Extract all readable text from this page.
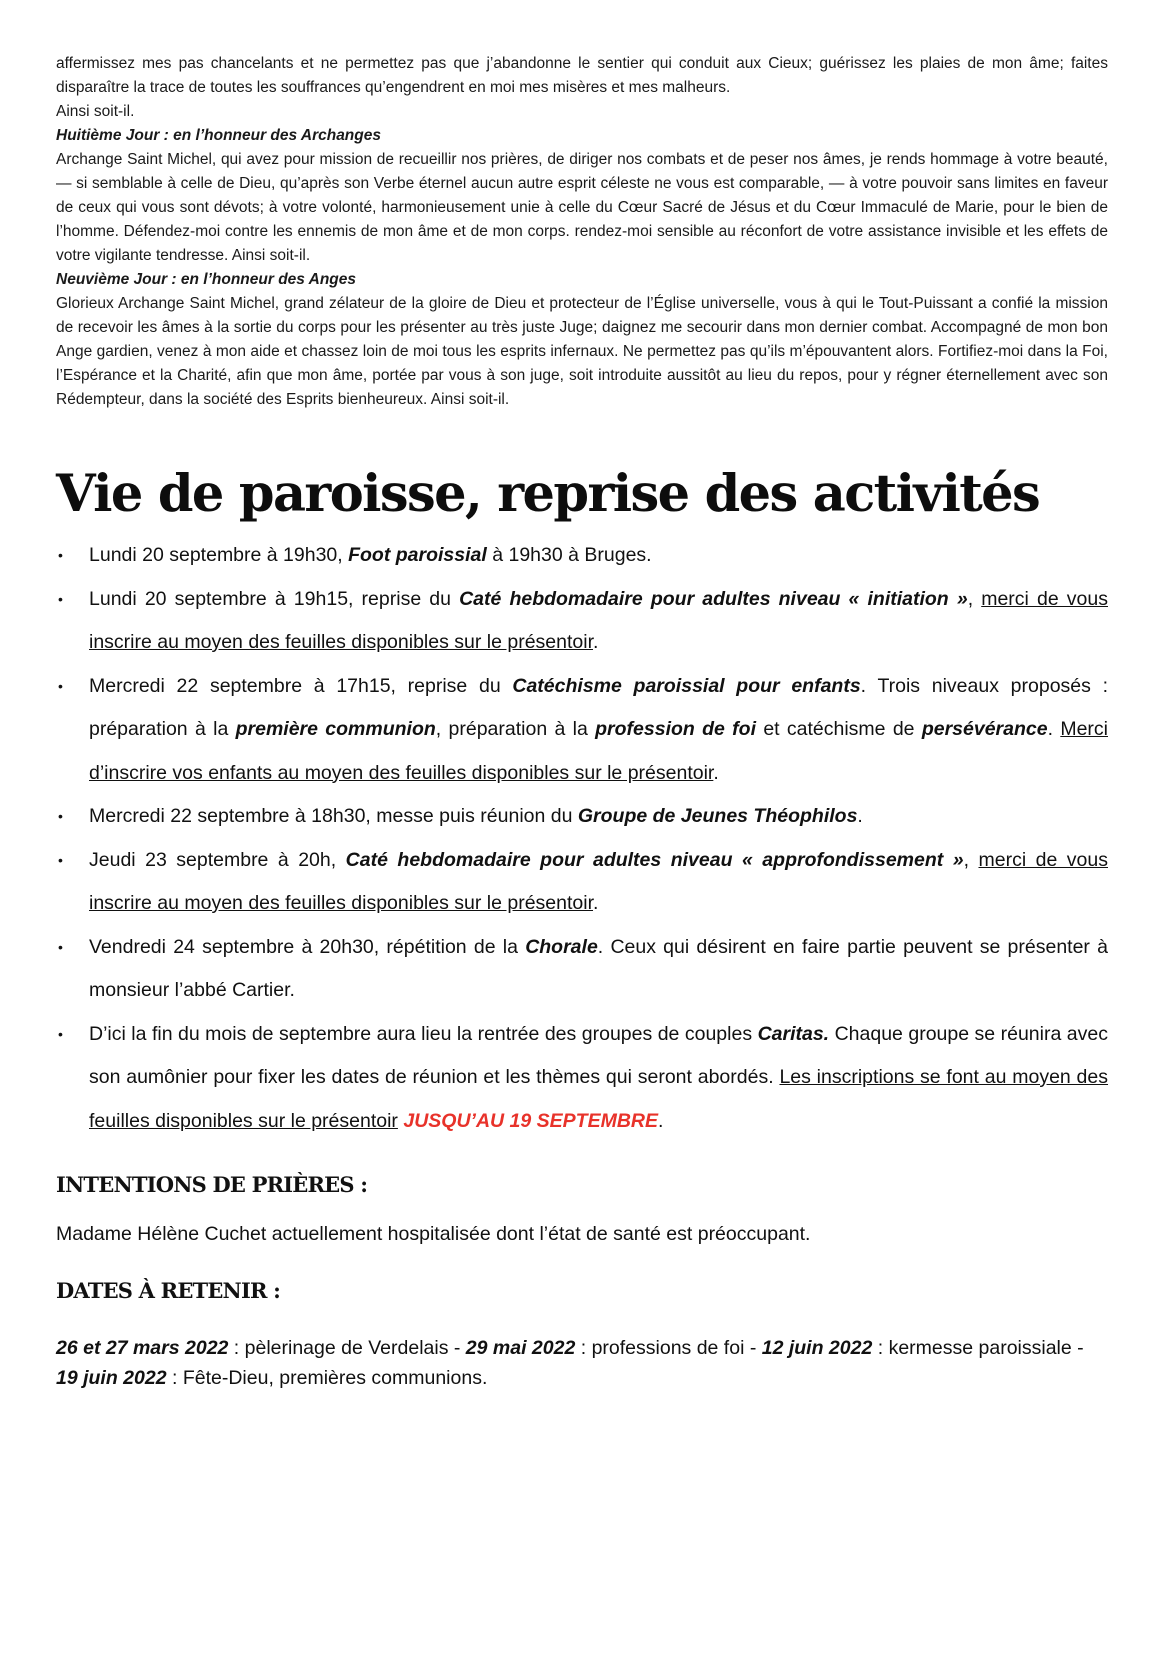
affermissez mes pas chancelants et ne permettez pas que j’abandonne le sentier qui conduit aux Cieux; guérissez les plaies de mon âme; faites disparaître la trace de toutes les souffrances qu’engendrent en moi mes misères et mes malheurs.

Ainsi soit-il.

Huitième Jour : en l’honneur des Archanges

Archange Saint Michel, qui avez pour mission de recueillir nos prières, de diriger nos combats et de peser nos âmes, je rends hommage à votre beauté, — si semblable à celle de Dieu, qu’après son Verbe éternel aucun autre esprit céleste ne vous est comparable, — à votre pouvoir sans limites en faveur de ceux qui vous sont dévots; à votre volonté, harmonieusement unie à celle du Cœur Sacré de Jésus et du Cœur Immaculé de Marie, pour le bien de l’homme. Défendez-moi contre les ennemis de mon âme et de mon corps. rendez-moi sensible au réconfort de votre assistance invisible et les effets de votre vigilante tendresse. Ainsi soit-il.

Neuvième Jour : en l’honneur des Anges

Glorieux Archange Saint Michel, grand zélateur de la gloire de Dieu et protecteur de l’Église universelle, vous à qui le Tout-Puissant a confié la mission de recevoir les âmes à la sortie du corps pour les présenter au très juste Juge; daignez me secourir dans mon dernier combat. Accompagné de mon bon Ange gardien, venez à mon aide et chassez loin de moi tous les esprits infernaux. Ne permettez pas qu’ils m’épouvantent alors. Fortifiez-moi dans la Foi, l’Espérance et la Charité, afin que mon âme, portée par vous à son juge, soit introduite aussitôt au lieu du repos, pour y régner éternellement avec son Rédempteur, dans la société des Esprits bienheureux. Ainsi soit-il.

Vie de paroisse, reprise des activités
• Lundi 20 septembre à 19h30, Foot paroissial à 19h30 à Bruges.
• Lundi 20 septembre à 19h15, reprise du Caté hebdomadaire pour adultes niveau « initiation », merci de vous inscrire au moyen des feuilles disponibles sur le présentoir.
• Mercredi 22 septembre à 17h15, reprise du Catéchisme paroissial pour enfants. Trois niveaux proposés : préparation à la première communion, préparation à la profession de foi et catéchisme de persévérance. Merci d’inscrire vos enfants au moyen des feuilles disponibles sur le présentoir.
• Mercredi 22 septembre à 18h30, messe puis réunion du Groupe de Jeunes Théophilos.
• Jeudi 23 septembre à 20h, Caté hebdomadaire pour adultes niveau « approfondissement », merci de vous inscrire au moyen des feuilles disponibles sur le présentoir.
• Vendredi 24 septembre à 20h30, répétition de la Chorale. Ceux qui désirent en faire partie peuvent se présenter à monsieur l’abbé Cartier.
• D’ici la fin du mois de septembre aura lieu la rentrée des groupes de couples Caritas. Chaque groupe se réunira avec son aumônier pour fixer les dates de réunion et les thèmes qui seront abordés. Les inscriptions se font au moyen des feuilles disponibles sur le présentoir JUSQU’AU 19 SEPTEMBRE.
INTENTIONS DE PRIÈRES :

Madame Hélène Cuchet actuellement hospitalisée dont l’état de santé est préoccupant.

DATES À RETENIR :

26 et 27 mars 2022 : pèlerinage de Verdelais - 29 mai 2022 : professions de foi - 12 juin 2022 : kermesse paroissiale - 19 juin 2022 : Fête-Dieu, premières communions.
